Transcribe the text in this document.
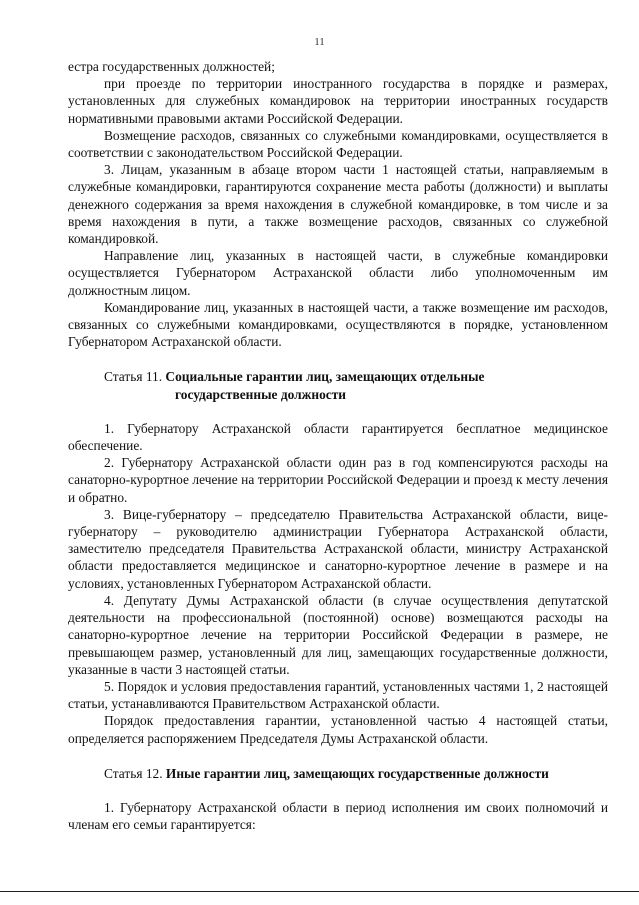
11

естра государственных должностей;

при проезде по территории иностранного государства в порядке и размерах, установленных для служебных командировок на территории иностранных государств нормативными правовыми актами Российской Федерации.

Возмещение расходов, связанных со служебными командировками, осуществляется в соответствии с законодательством Российской Федерации.

3. Лицам, указанным в абзаце втором части 1 настоящей статьи, направляемым в служебные командировки, гарантируются сохранение места работы (должности) и выплаты денежного содержания за время нахождения в служебной командировке, в том числе и за время нахождения в пути, а также возмещение расходов, связанных со служебной командировкой.

Направление лиц, указанных в настоящей части, в служебные командировки осуществляется Губернатором Астраханской области либо уполномоченным им должностным лицом.

Командирование лиц, указанных в настоящей части, а также возмещение им расходов, связанных со служебными командировками, осуществляются в порядке, установленном Губернатором Астраханской области.

Статья 11. Социальные гарантии лиц, замещающих отдельные
государственные должности

1. Губернатору Астраханской области гарантируется бесплатное медицинское обеспечение.

2. Губернатору Астраханской области один раз в год компенсируются расходы на санаторно-курортное лечение на территории Российской Федерации и проезд к месту лечения и обратно.

3. Вице-губернатору – председателю Правительства Астраханской области, вице-губернатору – руководителю администрации Губернатора Астраханской области, заместителю председателя Правительства Астраханской области, министру Астраханской области предоставляется медицинское и санаторно-курортное лечение в размере и на условиях, установленных Губернатором Астраханской области.

4. Депутату Думы Астраханской области (в случае осуществления депутатской деятельности на профессиональной (постоянной) основе) возмещаются расходы на санаторно-курортное лечение на территории Российской Федерации в размере, не превышающем размер, установленный для лиц, замещающих государственные должности, указанные в части 3 настоящей статьи.

5. Порядок и условия предоставления гарантий, установленных частями 1, 2 настоящей статьи, устанавливаются Правительством Астраханской области.

Порядок предоставления гарантии, установленной частью 4 настоящей статьи, определяется распоряжением Председателя Думы Астраханской области.

Статья 12. Иные гарантии лиц, замещающих государственные должности

1. Губернатору Астраханской области в период исполнения им своих полномочий и членам его семьи гарантируется:
